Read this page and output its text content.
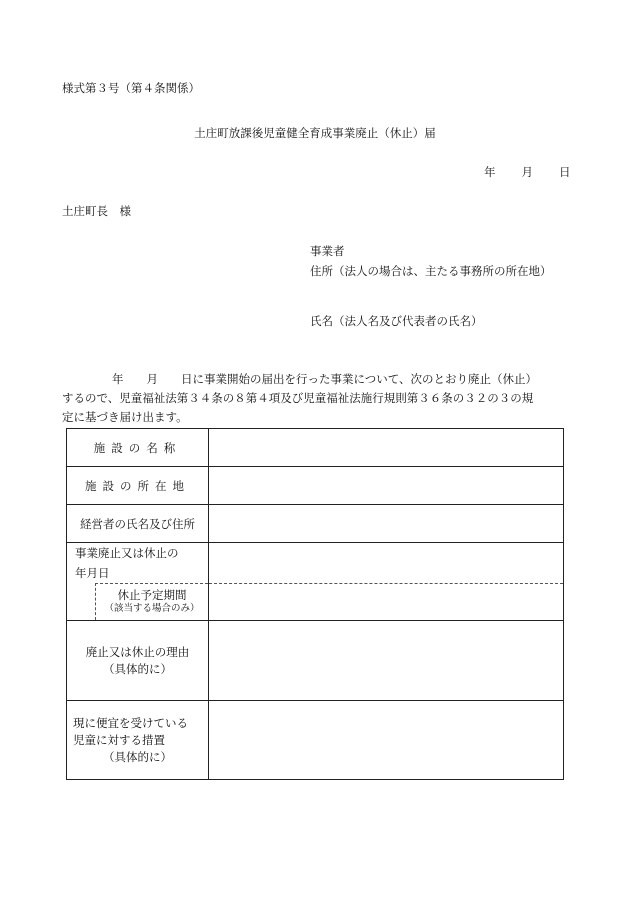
様式第３号（第４条関係）
土庄町放課後児童健全育成事業廃止（休止）届
年 月 日
土庄町長　様
事業者
住所（法人の場合は、主たる事務所の所在地）
氏名（法人名及び代表者の氏名）

年　　月　　日に事業開始の届出を行った事業について、次のとおり廃止（休止）

するので、児童福祉法第３４条の８第４項及び児童福祉法施行規則第３６条の３２の３の規

定に基づき届け出ます。

施設の名称	
施設の所在地	
経営者の氏名及び住所	

事業廃止又は休止の
年月日	

休止予定期間
（該当する場合のみ）	

廃止又は休止の理由
（具体的に）	

現に便宜を受けている
児童に対する措置
（具体的に）	
